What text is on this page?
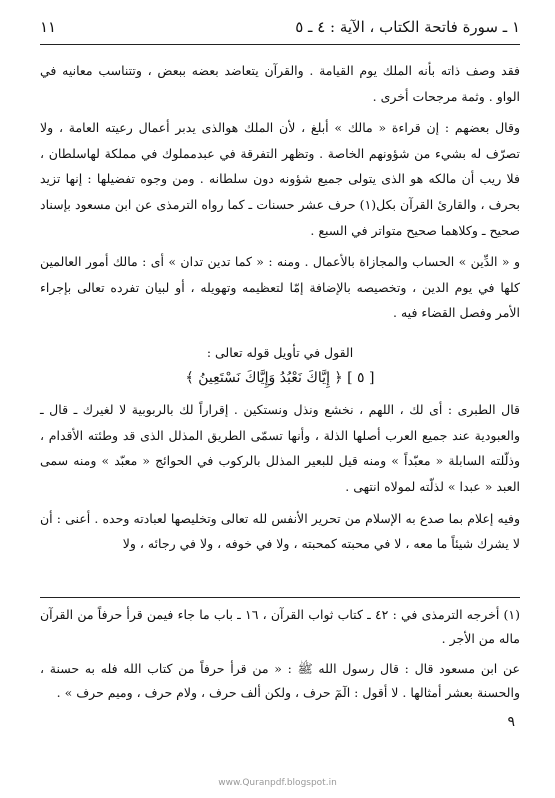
١ ـ سورة فاتحة الكتاب ، الآية : ٤ ـ ٥
١١

فقد وصف ذاته بأنه الملك يوم القيامة . والقرآن يتعاضد بعضه ببعض ، وتتناسب معانيه في الواو . وثمة مرجحات أخرى .

وقال بعضهم : إن قراءة « مالك » أبلغ ، لأن الملك هوالذى يدبر أعمال رعيته العامة ، ولا تصرّف له بشيء من شؤونهم الخاصة . وتظهر التفرقة في عبدمملوك في مملكة لهاسلطان ، فلا ريب أن مالكه هو الذى يتولى جميع شؤونه دون سلطانه . ومن وجوه تفضيلها : إنها تزيد بحرف ، والقارئ القرآن بكل(١) حرف عشر حسنات ـ كما رواه الترمذى عن ابن مسعود بإسناد صحيح ـ وكلاهما صحيح متواتر في السبع .

و « الدِّين » الحساب والمجازاة بالأعمال . ومنه : « كما تدين تدان » أى : مالك أمور العالمين كلها في يوم الدين ، وتخصيصه بالإضافة إمّا لتعظيمه وتهويله ، أو لبيان تفرده تعالى بإجراء الأمر وفصل القضاء فيه .

القول في تأويل قوله تعالى :

[ ٥ ] ﴿ إِيَّاكَ نَعْبُدُ وَإِيَّاكَ نَسْتَعِينُ ﴾

قال الطبرى : أى لك ، اللهم ، نخشع ونذل ونستكين . إقراراً لك بالربوبية لا لغيرك ـ قال ـ والعبودية عند جميع العرب أصلها الذلة ، وأنها تسمّى الطريق المذلل الذى قد وطئته الأقدام ، وذلّلته السابلة « معبّداً » ومنه قيل للبعير المذلل بالركوب في الحوائج « معبّد » ومنه سمى العبد « عبدا » لذلّته لمولاه انتهى .

وفيه إعلام بما صدع به الإسلام من تحرير الأنفس لله تعالى وتخليصها لعبادته وحده . أعنى : أن لا يشرك شيئاً ما معه ، لا في محبته كمحبته ، ولا في خوفه ، ولا في رجائه ، ولا

(١) أخرجه الترمذى في : ٤٢ ـ كتاب ثواب القرآن ، ١٦ ـ باب ما جاء فيمن قرأ حرفاً من القرآن ماله من الأجر .

عن ابن مسعود قال : قال رسول الله ﷺ : « من قرأ حرفاً من كتاب الله فله به حسنة ، والحسنة بعشر أمثالها . لا أقول : الٓمٓ حرف ، ولكن ألف حرف ، ولام حرف ، وميم حرف » .

٩
www.Quranpdf.blogspot.in
